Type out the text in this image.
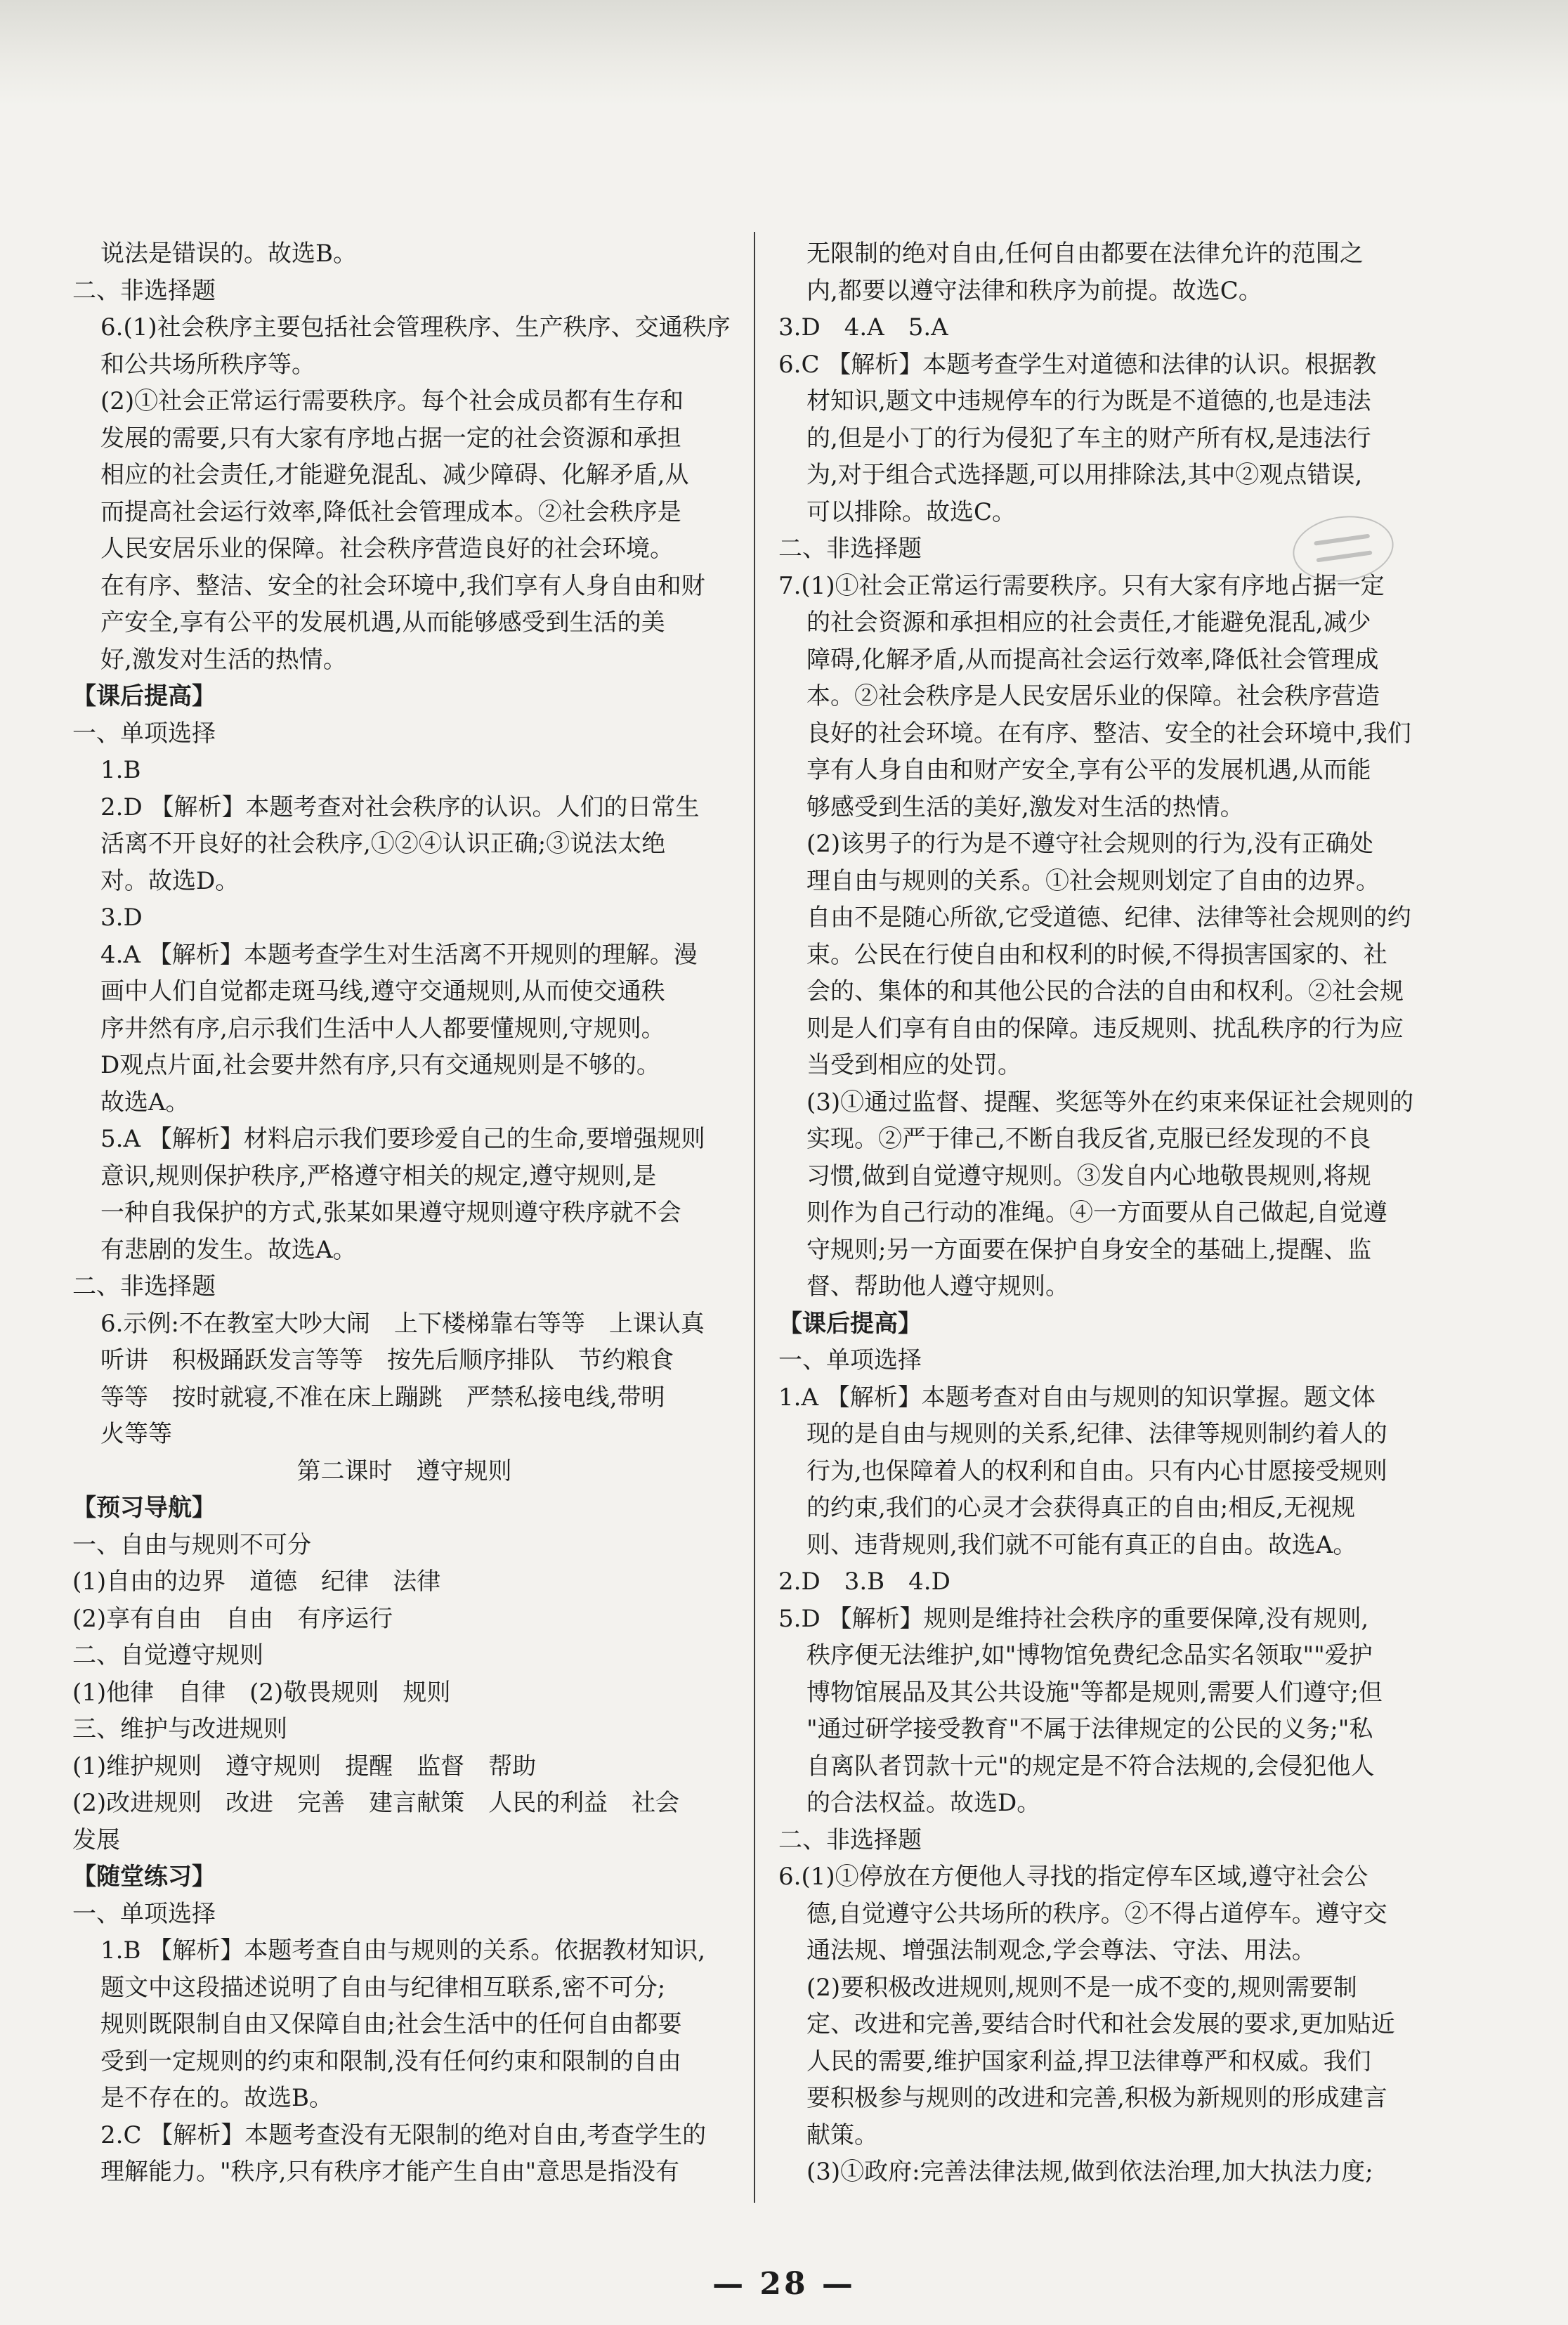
说法是错误的。故选B。
二、非选择题
6.(1)社会秩序主要包括社会管理秩序、生产秩序、交通秩序
和公共场所秩序等。
(2)①社会正常运行需要秩序。每个社会成员都有生存和
发展的需要,只有大家有序地占据一定的社会资源和承担
相应的社会责任,才能避免混乱、减少障碍、化解矛盾,从
而提高社会运行效率,降低社会管理成本。②社会秩序是
人民安居乐业的保障。社会秩序营造良好的社会环境。
在有序、整洁、安全的社会环境中,我们享有人身自由和财
产安全,享有公平的发展机遇,从而能够感受到生活的美
好,激发对生活的热情。
【课后提高】
一、单项选择
1.B
2.D 【解析】本题考查对社会秩序的认识。人们的日常生
活离不开良好的社会秩序,①②④认识正确;③说法太绝
对。故选D。
3.D
4.A 【解析】本题考查学生对生活离不开规则的理解。漫
画中人们自觉都走斑马线,遵守交通规则,从而使交通秩
序井然有序,启示我们生活中人人都要懂规则,守规则。
D观点片面,社会要井然有序,只有交通规则是不够的。
故选A。
5.A 【解析】材料启示我们要珍爱自己的生命,要增强规则
意识,规则保护秩序,严格遵守相关的规定,遵守规则,是
一种自我保护的方式,张某如果遵守规则遵守秩序就不会
有悲剧的发生。故选A。
二、非选择题
6.示例:不在教室大吵大闹　上下楼梯靠右等等　上课认真
听讲　积极踊跃发言等等　按先后顺序排队　节约粮食
等等　按时就寝,不准在床上蹦跳　严禁私接电线,带明
火等等
第二课时　遵守规则
【预习导航】
一、自由与规则不可分
(1)自由的边界　道德　纪律　法律
(2)享有自由　自由　有序运行
二、自觉遵守规则
(1)他律　自律　(2)敬畏规则　规则
三、维护与改进规则
(1)维护规则　遵守规则　提醒　监督　帮助
(2)改进规则　改进　完善　建言献策　人民的利益　社会
发展
【随堂练习】
一、单项选择
1.B 【解析】本题考查自由与规则的关系。依据教材知识,
题文中这段描述说明了自由与纪律相互联系,密不可分;
规则既限制自由又保障自由;社会生活中的任何自由都要
受到一定规则的约束和限制,没有任何约束和限制的自由
是不存在的。故选B。
2.C 【解析】本题考查没有无限制的绝对自由,考查学生的
理解能力。"秩序,只有秩序才能产生自由"意思是指没有
无限制的绝对自由,任何自由都要在法律允许的范围之
内,都要以遵守法律和秩序为前提。故选C。
3.D　4.A　5.A
6.C 【解析】本题考查学生对道德和法律的认识。根据教
材知识,题文中违规停车的行为既是不道德的,也是违法
的,但是小丁的行为侵犯了车主的财产所有权,是违法行
为,对于组合式选择题,可以用排除法,其中②观点错误,
可以排除。故选C。
二、非选择题
7.(1)①社会正常运行需要秩序。只有大家有序地占据一定
的社会资源和承担相应的社会责任,才能避免混乱,减少
障碍,化解矛盾,从而提高社会运行效率,降低社会管理成
本。②社会秩序是人民安居乐业的保障。社会秩序营造
良好的社会环境。在有序、整洁、安全的社会环境中,我们
享有人身自由和财产安全,享有公平的发展机遇,从而能
够感受到生活的美好,激发对生活的热情。
(2)该男子的行为是不遵守社会规则的行为,没有正确处
理自由与规则的关系。①社会规则划定了自由的边界。
自由不是随心所欲,它受道德、纪律、法律等社会规则的约
束。公民在行使自由和权利的时候,不得损害国家的、社
会的、集体的和其他公民的合法的自由和权利。②社会规
则是人们享有自由的保障。违反规则、扰乱秩序的行为应
当受到相应的处罚。
(3)①通过监督、提醒、奖惩等外在约束来保证社会规则的
实现。②严于律己,不断自我反省,克服已经发现的不良
习惯,做到自觉遵守规则。③发自内心地敬畏规则,将规
则作为自己行动的准绳。④一方面要从自己做起,自觉遵
守规则;另一方面要在保护自身安全的基础上,提醒、监
督、帮助他人遵守规则。
【课后提高】
一、单项选择
1.A 【解析】本题考查对自由与规则的知识掌握。题文体
现的是自由与规则的关系,纪律、法律等规则制约着人的
行为,也保障着人的权利和自由。只有内心甘愿接受规则
的约束,我们的心灵才会获得真正的自由;相反,无视规
则、违背规则,我们就不可能有真正的自由。故选A。
2.D　3.B　4.D
5.D 【解析】规则是维持社会秩序的重要保障,没有规则,
秩序便无法维护,如"博物馆免费纪念品实名领取""爱护
博物馆展品及其公共设施"等都是规则,需要人们遵守;但
"通过研学接受教育"不属于法律规定的公民的义务;"私
自离队者罚款十元"的规定是不符合法规的,会侵犯他人
的合法权益。故选D。
二、非选择题
6.(1)①停放在方便他人寻找的指定停车区域,遵守社会公
德,自觉遵守公共场所的秩序。②不得占道停车。遵守交
通法规、增强法制观念,学会尊法、守法、用法。
(2)要积极改进规则,规则不是一成不变的,规则需要制
定、改进和完善,要结合时代和社会发展的要求,更加贴近
人民的需要,维护国家利益,捍卫法律尊严和权威。我们
要积极参与规则的改进和完善,积极为新规则的形成建言
献策。
(3)①政府:完善法律法规,做到依法治理,加大执法力度;
— 28 —
